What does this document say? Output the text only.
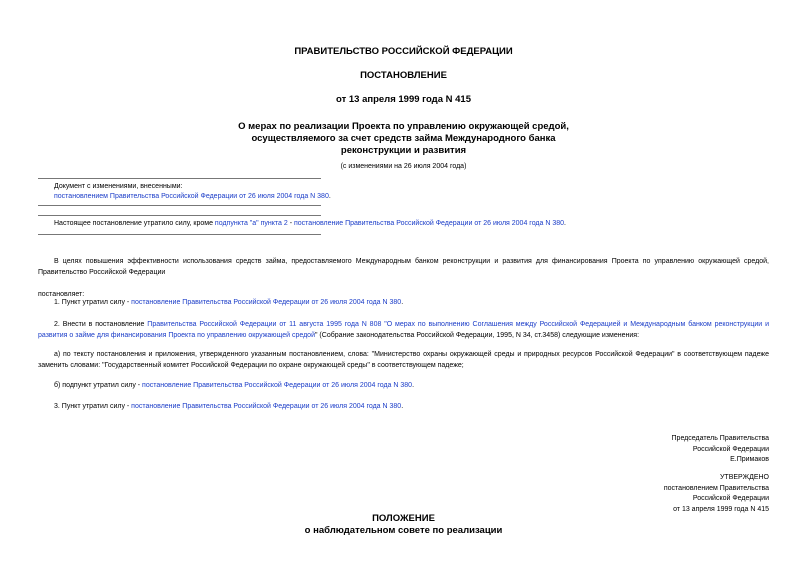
ПРАВИТЕЛЬСТВО РОССИЙСКОЙ ФЕДЕРАЦИИ
ПОСТАНОВЛЕНИЕ
от 13 апреля 1999 года N 415
О мерах по реализации Проекта по управлению окружающей средой,
осуществляемого за счет средств займа Международного банка
реконструкции и развития
(с изменениями на 26 июля 2004 года)
Документ с изменениями, внесенными:
постановлением Правительства Российской Федерации от 26 июля 2004 года N 380.
Настоящее постановление утратило силу, кроме подпункта "а" пункта 2 - постановление Правительства Российской Федерации от 26 июля 2004 года N 380.
В целях повышения эффективности использования средств займа, предоставляемого Международным банком реконструкции и развития для финансирования Проекта по управлению окружающей средой, Правительство Российской Федерации
постановляет:
1. Пункт утратил силу - постановление Правительства Российской Федерации от 26 июля 2004 года N 380.
2. Внести в постановление Правительства Российской Федерации от 11 августа 1995 года N 808 "О мерах по выполнению Соглашения между Российской Федерацией и Международным банком реконструкции и развития о займе для финансирования Проекта по управлению окружающей средой" (Собрание законодательства Российской Федерации, 1995, N 34, ст.3458) следующие изменения:
а) по тексту постановления и приложения, утвержденного указанным постановлением, слова: "Министерство охраны окружающей среды и природных ресурсов Российской Федерации" в соответствующем падеже заменить словами: "Государственный комитет Российской Федерации по охране окружающей среды" в соответствующем падеже;
б) подпункт утратил силу - постановление Правительства Российской Федерации от 26 июля 2004 года N 380.
3. Пункт утратил силу - постановление Правительства Российской Федерации от 26 июля 2004 года N 380.
Председатель Правительства
Российской Федерации
Е.Примаков
УТВЕРЖДЕНО
постановлением Правительства
Российской Федерации
от 13 апреля 1999 года N 415
ПОЛОЖЕНИЕ
о наблюдательном совете по реализации
